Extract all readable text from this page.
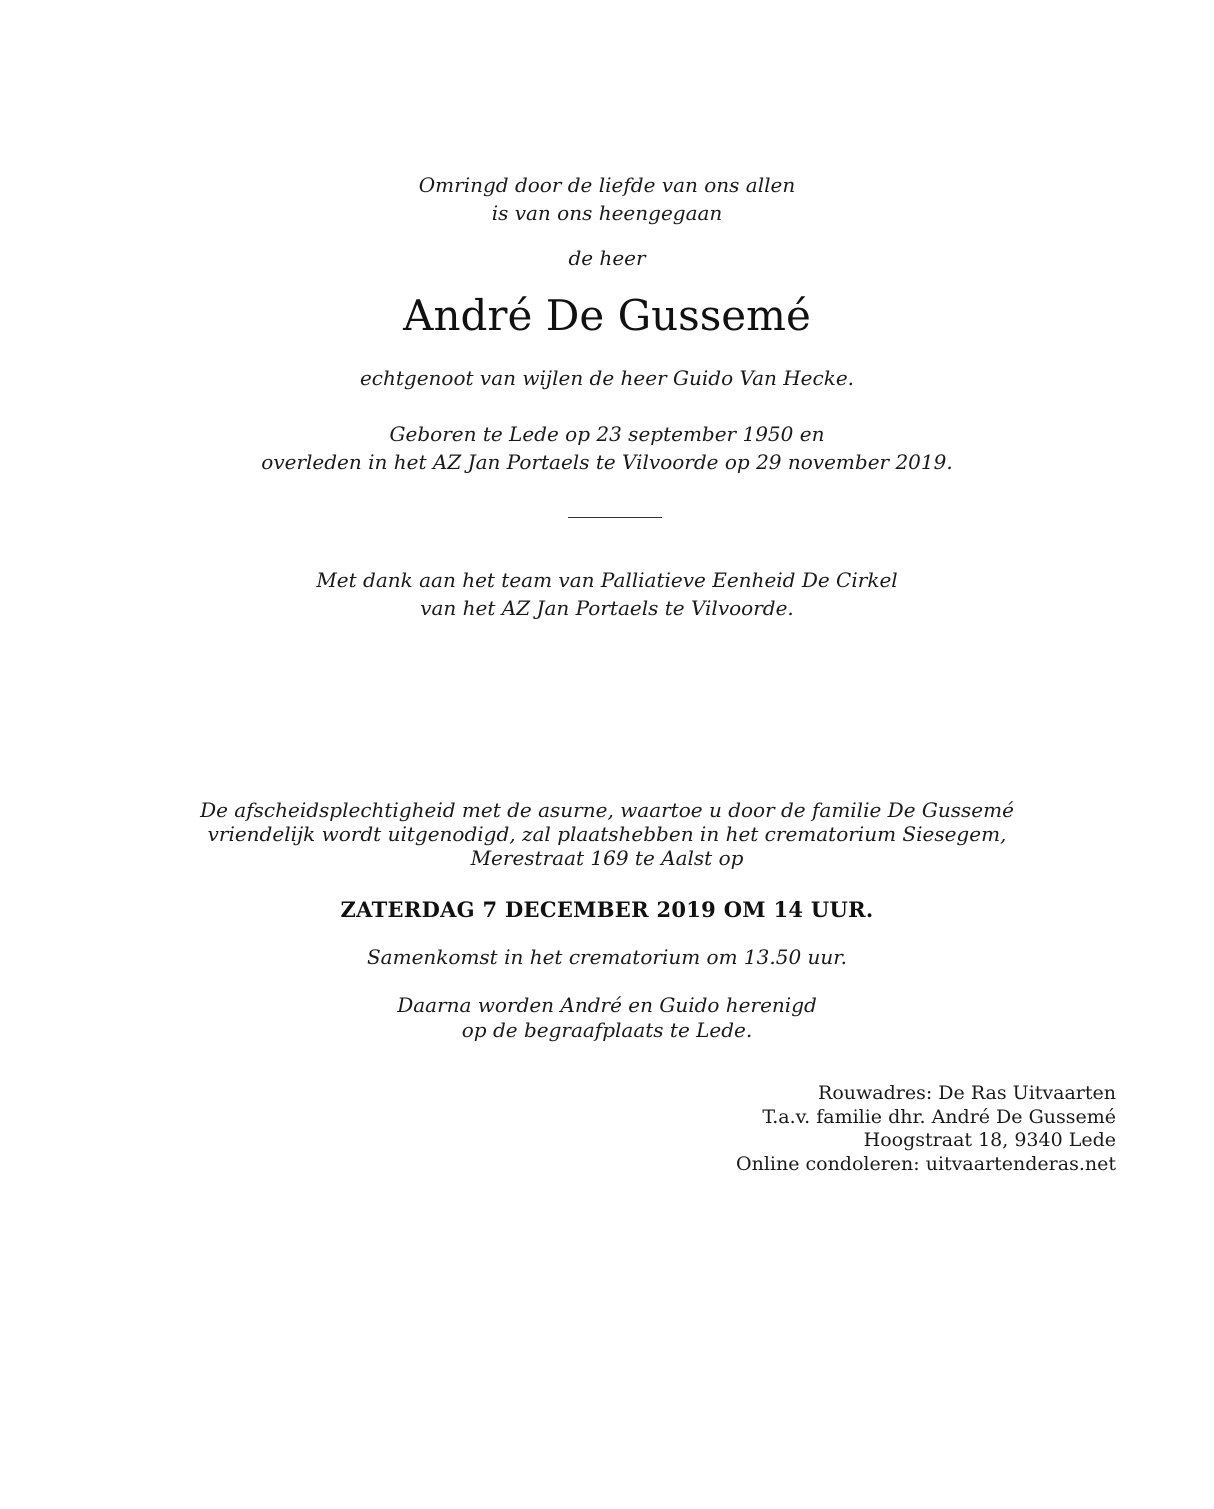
Omringd door de liefde van ons allen
is van ons heengegaan
de heer
André De Gussemé
echtgenoot van wijlen de heer Guido Van Hecke.
Geboren te Lede op 23 september 1950 en
overleden in het AZ Jan Portaels te Vilvoorde op 29 november 2019.
Met dank aan het team van Palliatieve Eenheid De Cirkel
van het AZ Jan Portaels te Vilvoorde.
De afscheidsplechtigheid met de asurne, waartoe u door de familie De Gussemé
vriendelijk wordt uitgenodigd, zal plaatshebben in het crematorium Siesegem,
Merestraat 169 te Aalst op
ZATERDAG 7 DECEMBER 2019 OM 14 UUR.
Samenkomst in het crematorium om 13.50 uur.
Daarna worden André en Guido herenigd
op de begraafplaats te Lede.
Rouwadres: De Ras Uitvaarten
T.a.v. familie dhr. André De Gussemé
Hoogstraat 18, 9340 Lede
Online condoleren: uitvaartenderas.net
